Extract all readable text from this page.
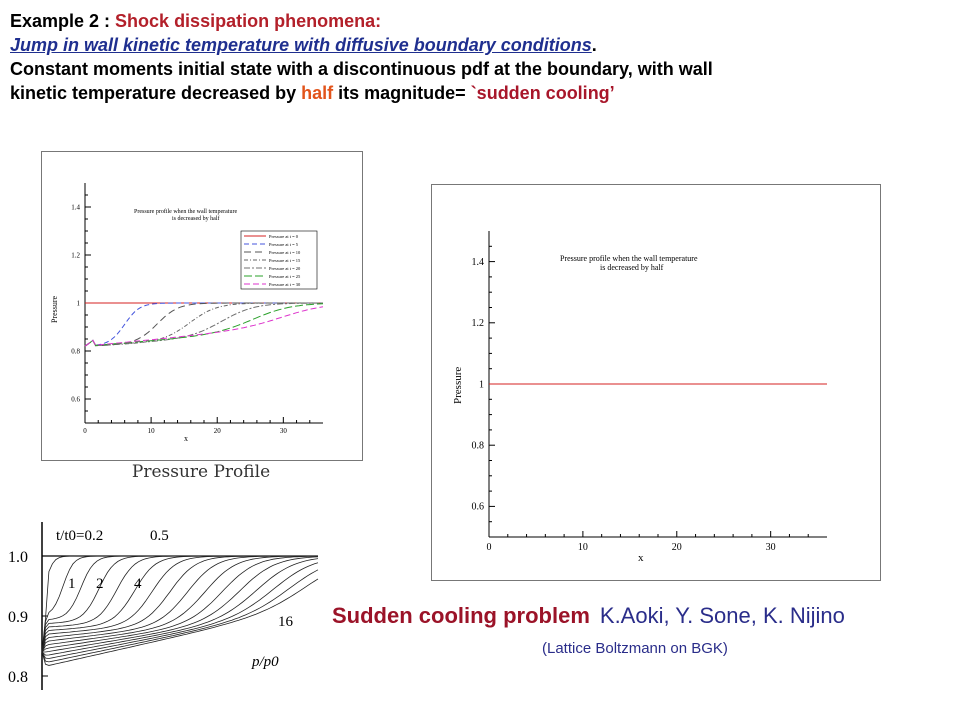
Example 2 : Shock dissipation phenomena:
Jump in wall kinetic temperature with diffusive boundary conditions.
Constant moments initial state with a discontinuous pdf at the boundary, with wall
kinetic temperature decreased by half its magnitude= `sudden cooling’
0	10	20	30
0.6
0.8
1
1.2
1.4
x
Pressure
Pressure profile when the wall temperature
is decreased by half
Pressure at t = 0
Pressure at t = 5
Pressure at t = 10
Pressure at t = 15
Pressure at t = 20
Pressure at t = 25
Pressure at t = 30
Pressure Profile
0	10	20	30
0.6
0.8
1
1.2
1.4
x
Pressure
Pressure profile when the wall temperature
is decreased by half
0.8
0.9
1.0
t/t0=0.2	0.5
1 2 4
16
p/p0
Sudden cooling problem K.Aoki, Y. Sone, K. Nijino
(Lattice Boltzmann on BGK)
